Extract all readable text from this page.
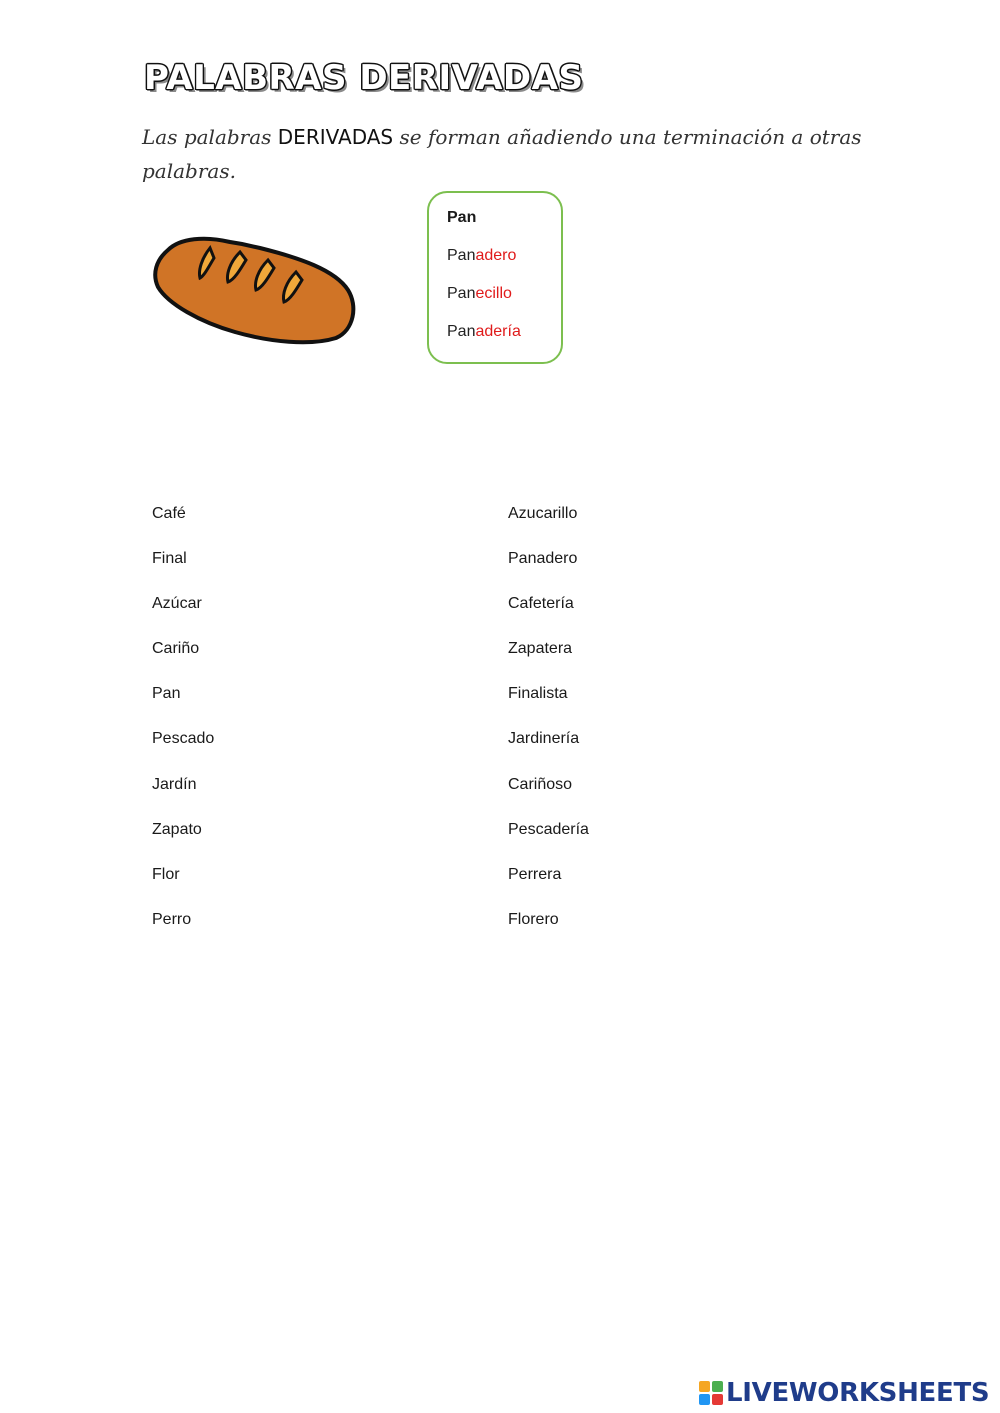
PALABRAS DERIVADAS

Las palabras DERIVADAS se forman añadiendo una terminación a otras palabras.

Pan
Panadero
Panecillo
Panadería
Café
Final
Azúcar
Cariño
Pan
Pescado
Jardín
Zapato
Flor
Perro
Azucarillo
Panadero
Cafetería
Zapatera
Finalista
Jardinería
Cariñoso
Pescadería
Perrera
Florero
LIVEWORKSHEETS
